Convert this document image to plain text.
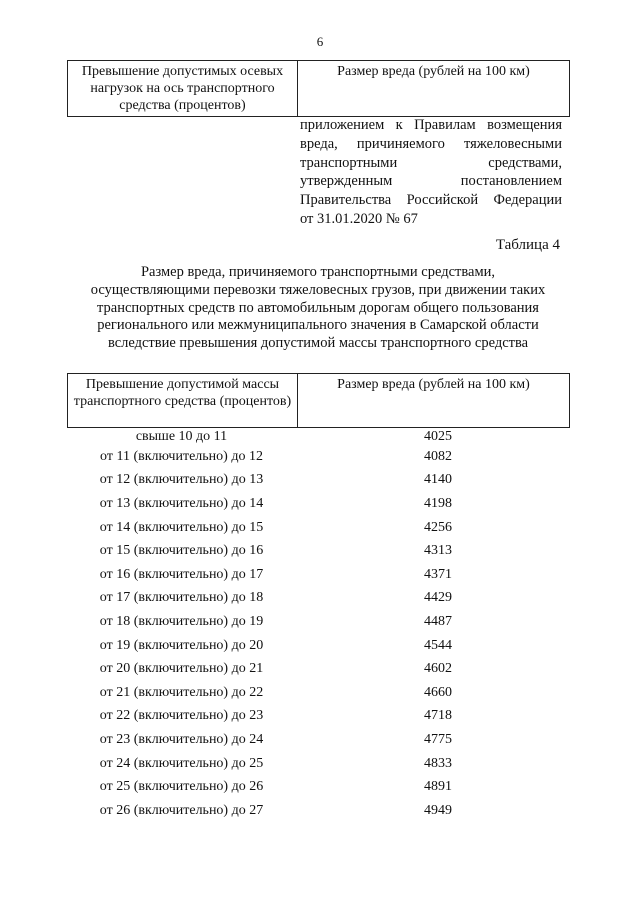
6
Превышение допустимых осевых нагрузок на ось транспортного средства (процентов)	Размер вреда (рублей на 100 км)
приложением к Правилам возмещения
вреда, причиняемого тяжеловесными
транспортными средствами,
утвержденным постановлением
Правительства Российской Федерации
от 31.01.2020 № 67
Таблица 4
Размер вреда, причиняемого транспортными средствами,
осуществляющими перевозки тяжеловесных грузов, при движении таких
транспортных средств по автомобильным дорогам общего пользования
регионального или межмуниципального значения в Самарской области
вследствие превышения допустимой массы транспортного средства
Превышение допустимой массы транспортного средства (процентов)	Размер вреда (рублей на 100 км)
свыше 10 до 11	4025
от 11 (включительно) до 12	4082
от 12 (включительно) до 13	4140
от 13 (включительно) до 14	4198
от 14 (включительно) до 15	4256
от 15 (включительно) до 16	4313
от 16 (включительно) до 17	4371
от 17 (включительно) до 18	4429
от 18 (включительно) до 19	4487
от 19 (включительно) до 20	4544
от 20 (включительно) до 21	4602
от 21 (включительно) до 22	4660
от 22 (включительно) до 23	4718
от 23 (включительно) до 24	4775
от 24 (включительно) до 25	4833
от 25 (включительно) до 26	4891
от 26 (включительно) до 27	4949
